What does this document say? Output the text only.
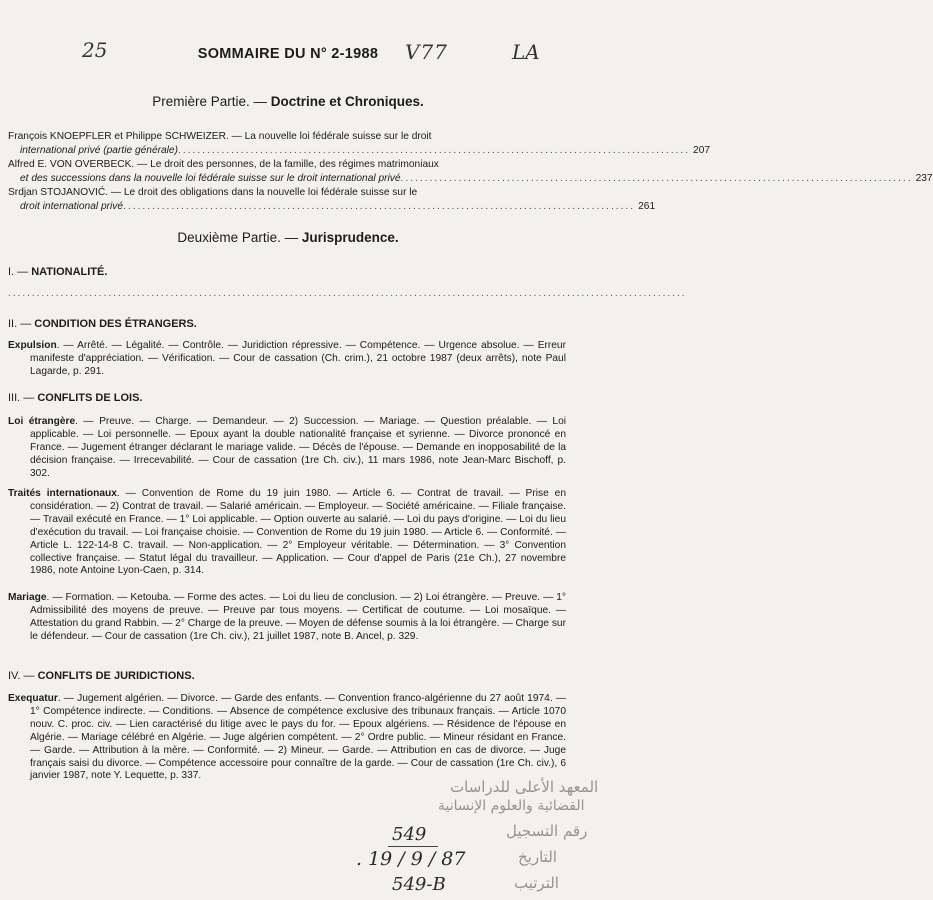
25	V77	LA
SOMMAIRE DU N° 2-1988
Première Partie. — Doctrine et Chroniques.
François KNOEPFLER et Philippe SCHWEIZER. — La nouvelle loi fédérale suisse sur le droit
international privé (partie générale) .......................................................................................................... 207
Alfred E. VON OVERBECK. — Le droit des personnes, de la famille, des régimes matrimoniaux
et des successions dans la nouvelle loi fédérale suisse sur le droit international privé .......................................................................................................... 237
Srdjan STOJANOVIĆ. — Le droit des obligations dans la nouvelle loi fédérale suisse sur le
droit international privé .......................................................................................................... 261
Deuxième Partie. — Jurisprudence.
I. — NATIONALITÉ.
..............................................................................................................................................
II. — CONDITION DES ÉTRANGERS.
Expulsion. — Arrêté. — Légalité. — Contrôle. — Juridiction répressive. — Compétence. — Urgence absolue. — Erreur manifeste d'appréciation. — Vérification. — Cour de cassation (Ch. crim.), 21 octobre 1987 (deux arrêts), note Paul Lagarde, p. 291.
III. — CONFLITS DE LOIS.
Loi étrangère. — Preuve. — Charge. — Demandeur. — 2) Succession. — Mariage. — Question préalable. — Loi applicable. — Loi personnelle. — Epoux ayant la double nationalité française et syrienne. — Divorce prononcé en France. — Jugement étranger déclarant le mariage valide. — Décès de l'épouse. — Demande en inopposabilité de la décision française. — Irrecevabilité. — Cour de cassation (1re Ch. civ.), 11 mars 1986, note Jean-Marc Bischoff, p. 302.
Traités internationaux. — Convention de Rome du 19 juin 1980. — Article 6. — Contrat de travail. — Prise en considération. — 2) Contrat de travail. — Salarié américain. — Employeur. — Société américaine. — Filiale française. — Travail exécuté en France. — 1° Loi applicable. — Option ouverte au salarié. — Loi du pays d'origine. — Loi du lieu d'exécution du travail. — Loi française choisie. — Convention de Rome du 19 juin 1980. — Article 6. — Conformité. — Article L. 122-14-8 C. travail. — Non-application. — 2° Employeur véritable. — Détermination. — 3° Convention collective française. — Statut légal du travailleur. — Application. — Cour d'appel de Paris (21e Ch.), 27 novembre 1986, note Antoine Lyon-Caen, p. 314.
Mariage. — Formation. — Ketouba. — Forme des actes. — Loi du lieu de conclusion. — 2) Loi étrangère. — Preuve. — 1° Admissibilité des moyens de preuve. — Preuve par tous moyens. — Certificat de coutume. — Loi mosaïque. — Attestation du grand Rabbin. — 2° Charge de la preuve. — Moyen de défense soumis à la loi étrangère. — Charge sur le défendeur. — Cour de cassation (1re Ch. civ.), 21 juillet 1987, note B. Ancel, p. 329.
IV. — CONFLITS DE JURIDICTIONS.
Exequatur. — Jugement algérien. — Divorce. — Garde des enfants. — Convention franco-algérienne du 27 août 1974. — 1° Compétence indirecte. — Conditions. — Absence de compétence exclusive des tribunaux français. — Article 1070 nouv. C. proc. civ. — Lien caractérisé du litige avec le pays du for. — Epoux algériens. — Résidence de l'épouse en Algérie. — Mariage célébré en Algérie. — Juge algérien compétent. — 2° Ordre public. — Mineur résidant en France. — Garde. — Attribution à la mère. — Conformité. — 2) Mineur. — Garde. — Attribution en cas de divorce. — Juge français saisi du divorce. — Compétence accessoire pour connaître de la garde. — Cour de cassation (1re Ch. civ.), 6 janvier 1987, note Y. Lequette, p. 337.
المعهد الأعلى للدراسات
القضائية والعلوم الإنسانية
رقم التسجيل
التاريخ
الترتيب
549
. 19 / 9 / 87
549-B
